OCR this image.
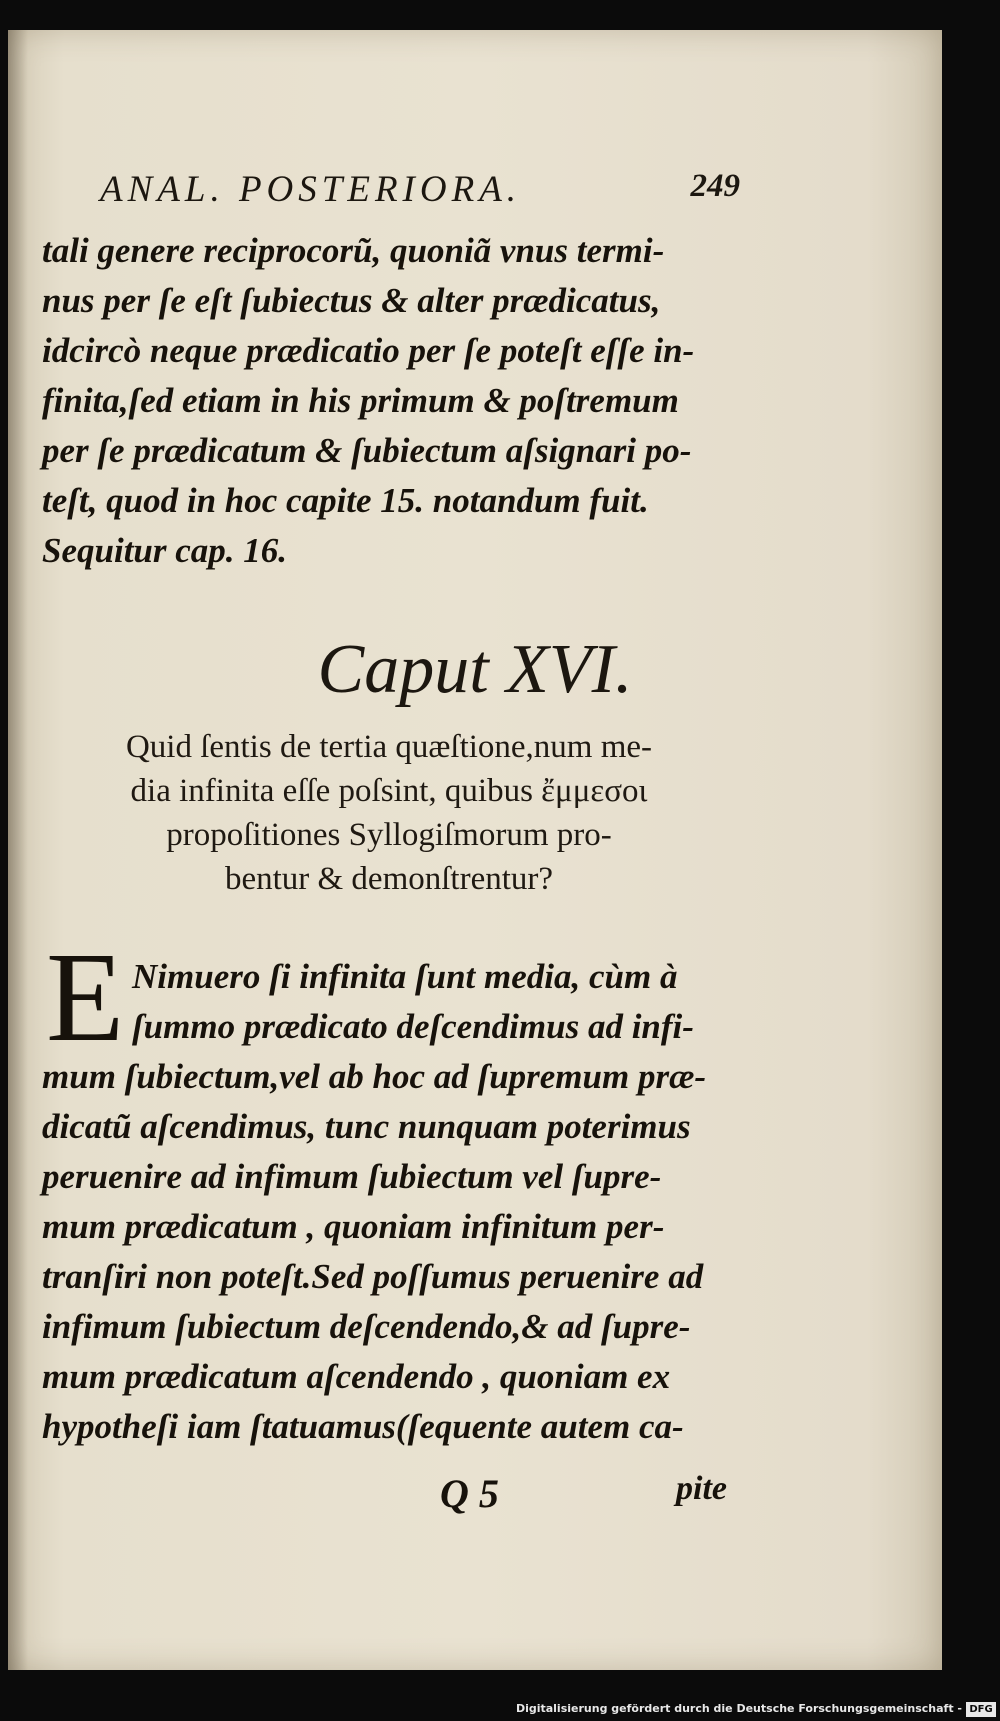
ANAL. POSTERIORA.	249
tali genere reciprocorũ, quoniã vnus termi-
nus per ſe eſt ſubiectus & alter prædicatus,
idcircò neque prædicatio per ſe poteſt eſſe in-
finita,ſed etiam in his primum & poſtremum
per ſe prædicatum & ſubiectum aſsignari po-
teſt, quod in hoc capite 15. notandum fuit.
Sequitur cap. 16.
Caput XVI.
Quid ſentis de tertia quæſtione,num me-
dia infinita eſſe poſsint, quibus ἔμμεσοι
propoſitiones Syllogiſmorum pro-
bentur & demonſtrentur?
E Nimuero ſi infinita ſunt media, cùm à
ſummo prædicato deſcendimus ad infi-
mum ſubiectum,vel ab hoc ad ſupremum præ-
dicatũ aſcendimus, tunc nunquam poterimus
peruenire ad infimum ſubiectum vel ſupre-
mum prædicatum , quoniam infinitum per-
tranſiri non poteſt.Sed poſſumus peruenire ad
infimum ſubiectum deſcendendo,& ad ſupre-
mum prædicatum aſcendendo , quoniam ex
hypotheſi iam ſtatuamus(ſequente autem ca-
Q 5	pite
Digitalisierung gefördert durch die Deutsche Forschungsgemeinschaft - DFG
